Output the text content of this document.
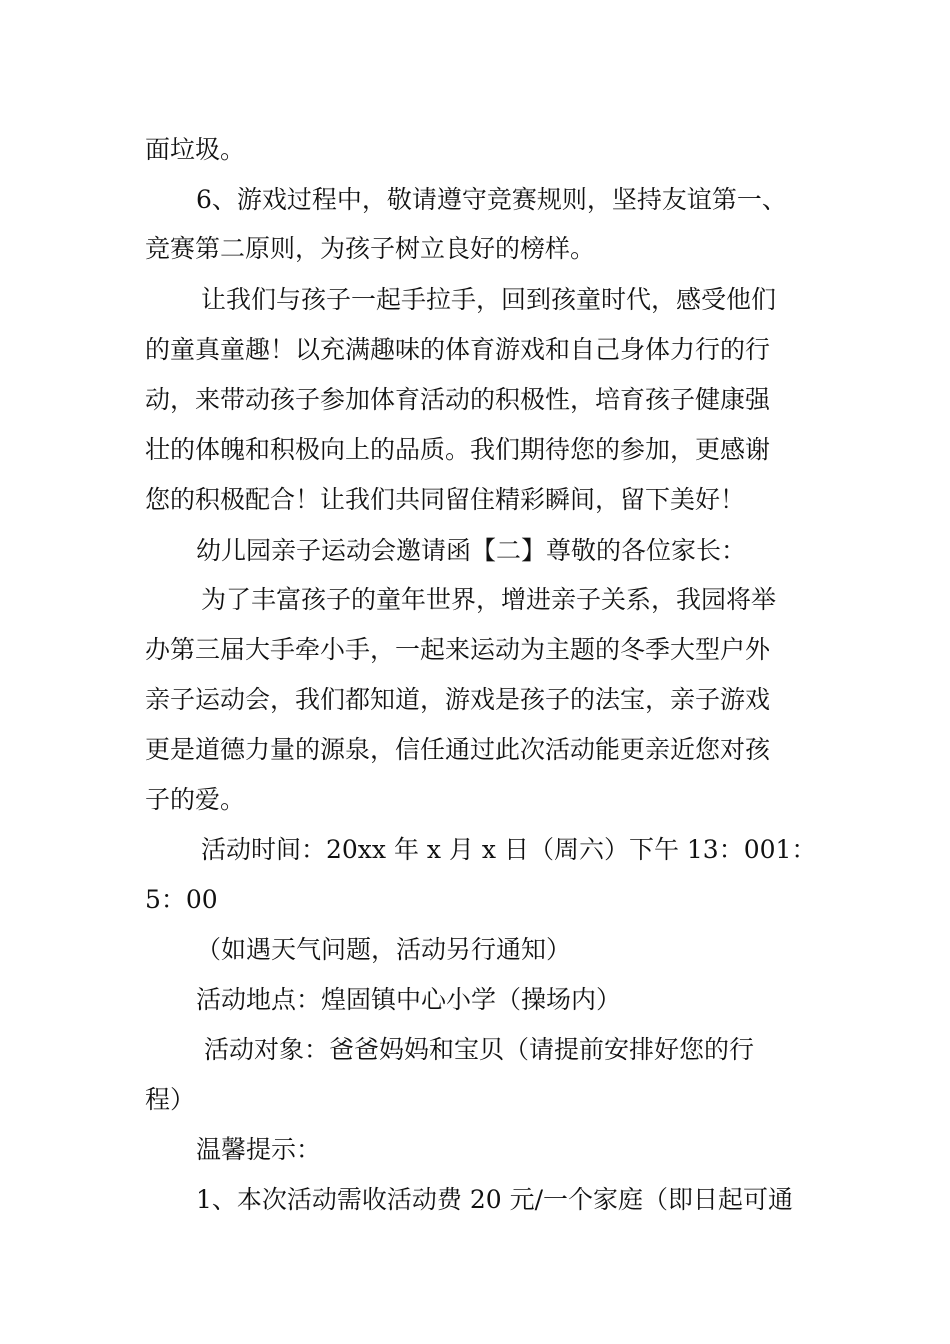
面垃圾。
6、游戏过程中，敬请遵守竞赛规则，坚持友谊第一、
竞赛第二原则，为孩子树立良好的榜样。
让我们与孩子一起手拉手，回到孩童时代，感受他们
的童真童趣！以充满趣味的体育游戏和自己身体力行的行
动，来带动孩子参加体育活动的积极性，培育孩子健康强
壮的体魄和积极向上的品质。我们期待您的参加，更感谢
您的积极配合！让我们共同留住精彩瞬间，留下美好！
幼儿园亲子运动会邀请函【二】尊敬的各位家长：
为了丰富孩子的童年世界，增进亲子关系，我园将举
办第三届大手牵小手，一起来运动为主题的冬季大型户外
亲子运动会，我们都知道，游戏是孩子的法宝，亲子游戏
更是道德力量的源泉，信任通过此次活动能更亲近您对孩
子的爱。
活动时间：20xx 年 x 月 x 日（周六）下午 13：001：
5：00
（如遇天气问题，活动另行通知）
活动地点：煌固镇中心小学（操场内）
活动对象：爸爸妈妈和宝贝（请提前安排好您的行
程）
温馨提示：
1、本次活动需收活动费 20 元/一个家庭（即日起可通
